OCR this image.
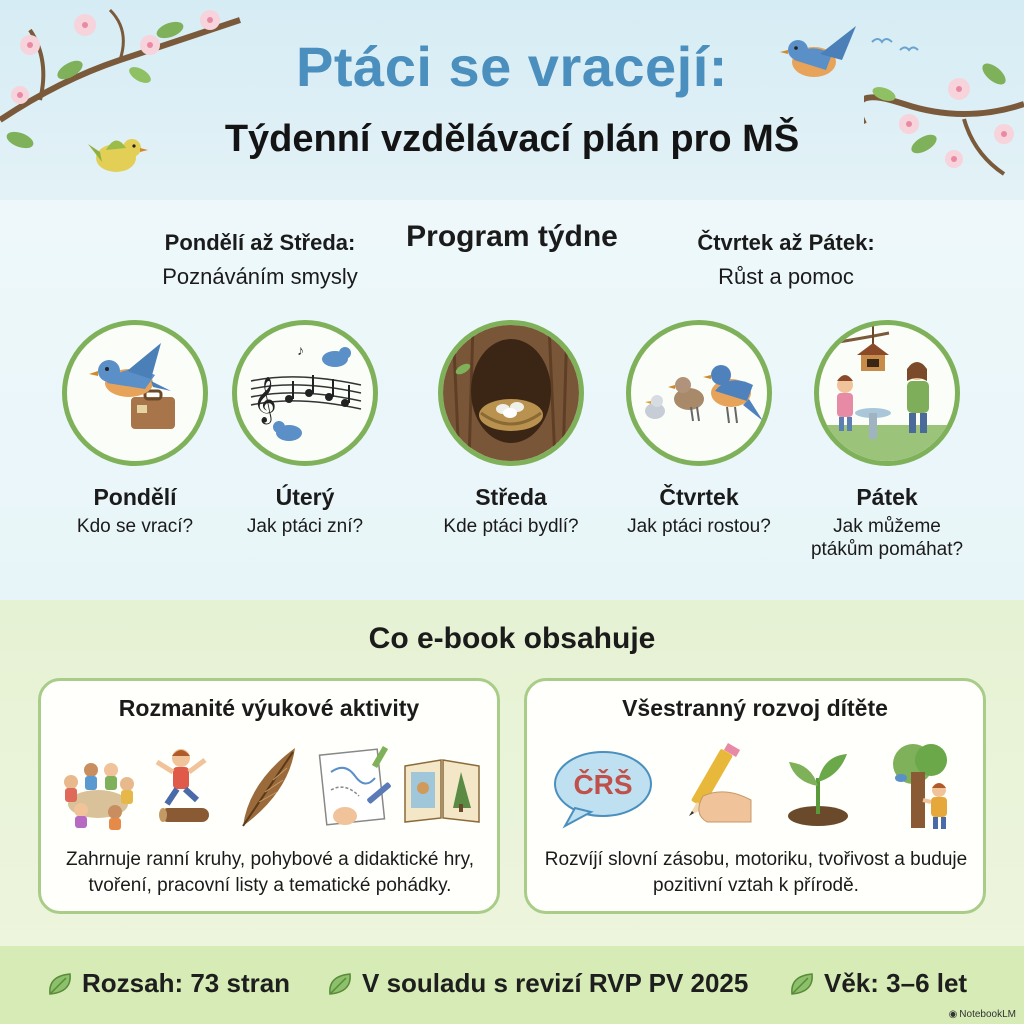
Ptáci se vracejí:
Týdenní vzdělávací plán pro MŠ
Pondělí až Středa:
Poznáváním smysly
Program týdne	Čtvrtek až Pátek:
Růst a pomoc
Pondělí
Kdo se vrací?
𝄞
♪
Úterý
Jak ptáci zní?
Středa
Kde ptáci bydlí?
Čtvrtek
Jak ptáci rostou?
Pátek
Jak můžeme ptákům pomáhat?
Co e-book obsahuje
Rozmanité výukové aktivity
Zahrnuje ranní kruhy, pohybové a didaktické hry, tvoření, pracovní listy a tematické pohádky.
Všestranný rozvoj dítěte
ČŘŠ
Rozvíjí slovní zásobu, motoriku, tvořivost a buduje pozitivní vztah k přírodě.
Rozsah: 73 stran	V souladu s revizí RVP PV 2025	Věk: 3–6 let
◉ NotebookLM
